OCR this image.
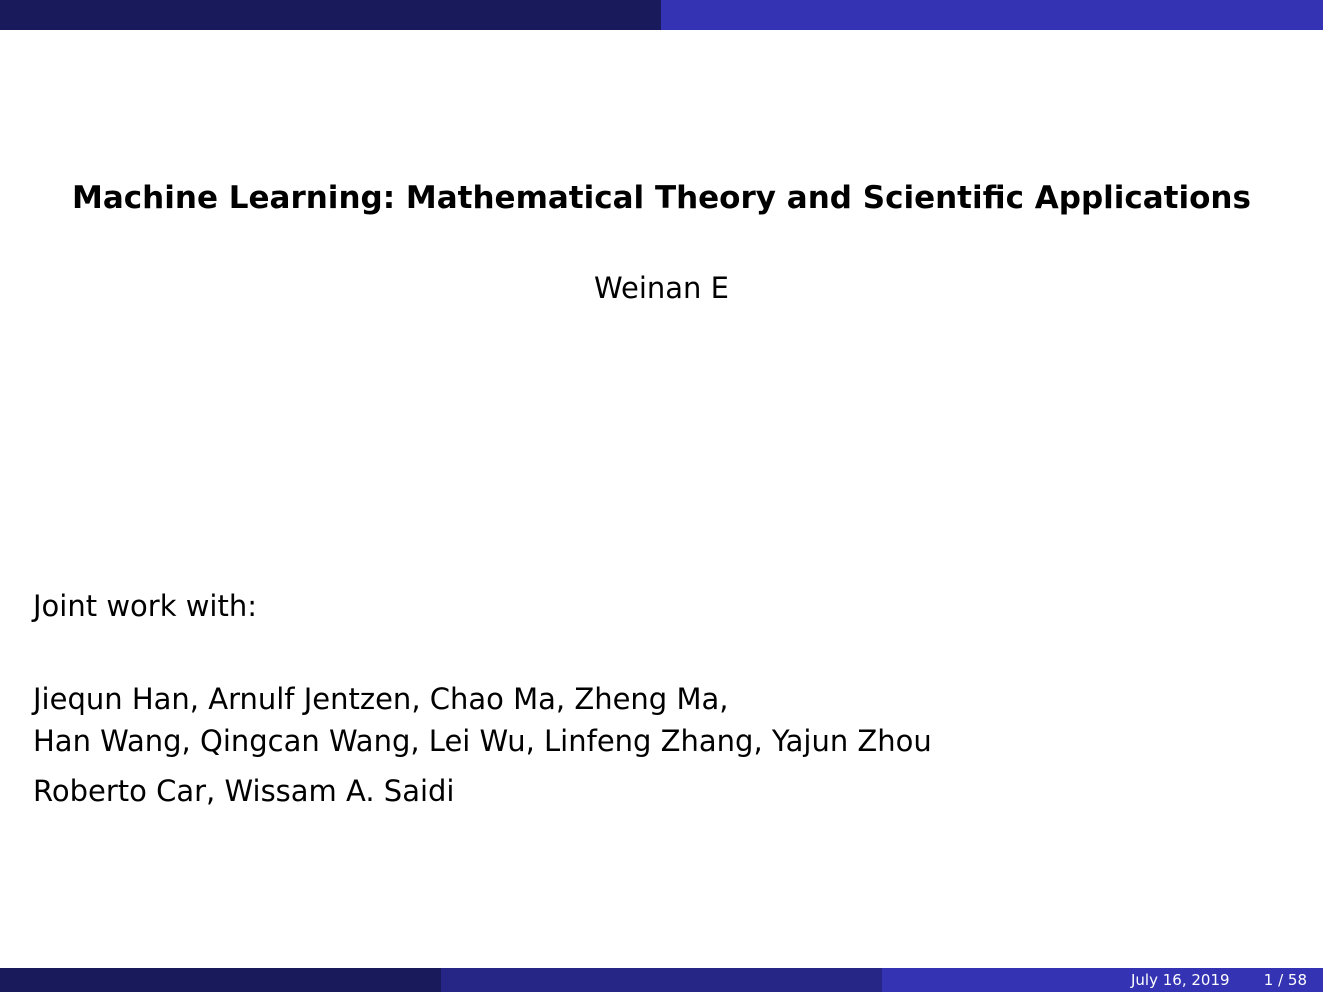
Machine Learning: Mathematical Theory and Scientific Applications
Weinan E
Joint work with:
Jiequn Han, Arnulf Jentzen, Chao Ma, Zheng Ma,
Han Wang, Qingcan Wang, Lei Wu, Linfeng Zhang, Yajun Zhou
Roberto Car, Wissam A. Saidi
July 16, 2019 1 / 58
